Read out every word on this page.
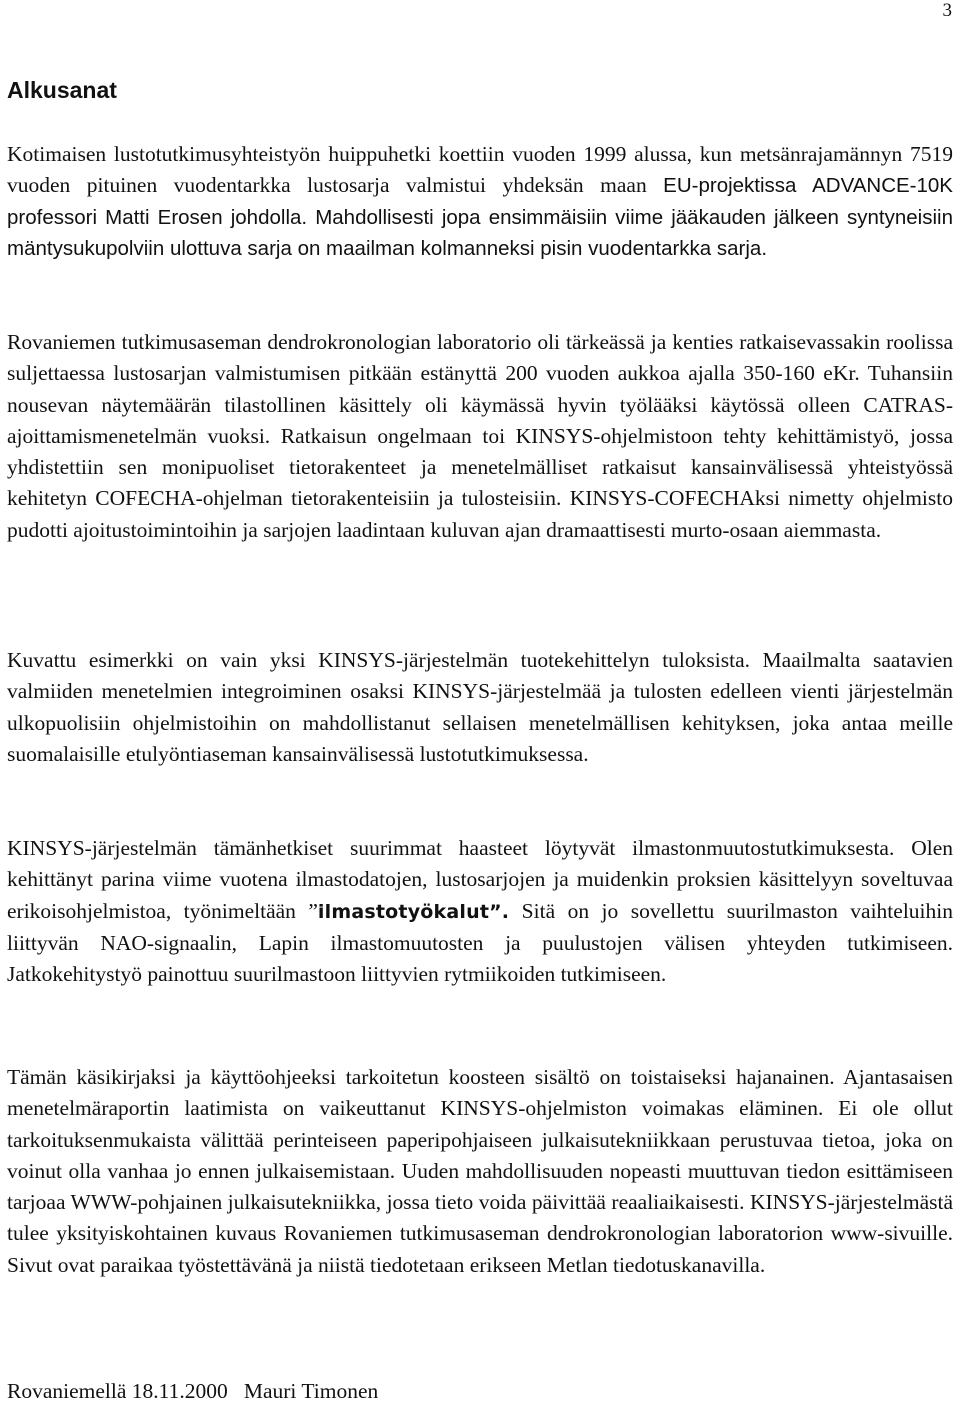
3
Alkusanat

Kotimaisen lustotutkimusyhteistyön huippuhetki koettiin vuoden 1999 alussa, kun metsänrajamännyn 7519 vuoden pituinen vuodentarkka lustosarja valmistui yhdeksän maan EU-projektissa ADVANCE-10K professori Matti Erosen johdolla. Mahdollisesti jopa ensimmäisiin viime jääkauden jälkeen syntyneisiin mäntysukupolviin ulottuva sarja on maailman kolmanneksi pisin vuodentarkka sarja.

Rovaniemen tutkimusaseman dendrokronologian laboratorio oli tärkeässä ja kenties ratkaisevassakin roolissa suljettaessa lustosarjan valmistumisen pitkään estänyttä 200 vuoden aukkoa ajalla 350-160 eKr. Tuhansiin nousevan näytemäärän tilastollinen käsittely oli käymässä hyvin työlääksi käytössä olleen CATRAS-ajoittamismenetelmän vuoksi. Ratkaisun ongelmaan toi KINSYS-ohjelmistoon tehty kehittämistyö, jossa yhdistettiin sen monipuoliset tietorakenteet ja menetelmälliset ratkaisut kansainvälisessä yhteistyössä kehitetyn COFECHA-ohjelman tietorakenteisiin ja tulosteisiin. KINSYS-COFECHAksi nimetty ohjelmisto pudotti ajoitustoimintoihin ja sarjojen laadintaan kuluvan ajan dramaattisesti murto-osaan aiemmasta.

Kuvattu esimerkki on vain yksi KINSYS-järjestelmän tuotekehittelyn tuloksista. Maailmalta saatavien valmiiden menetelmien integroiminen osaksi KINSYS-järjestelmää ja tulosten edelleen vienti järjestelmän ulkopuolisiin ohjelmistoihin on mahdollistanut sellaisen menetelmällisen kehityksen, joka antaa meille suomalaisille etulyöntiaseman kansainvälisessä lustotutkimuksessa.

KINSYS-järjestelmän tämänhetkiset suurimmat haasteet löytyvät ilmastonmuutostutkimuksesta. Olen kehittänyt parina viime vuotena ilmastodatojen, lustosarjojen ja muidenkin proksien käsittelyyn soveltuvaa erikoisohjelmistoa, työnimeltään ”ilmastotyökalut”. Sitä on jo sovellettu suurilmaston vaihteluihin liittyvän NAO-signaalin, Lapin ilmastomuutosten ja puulustojen välisen yhteyden tutkimiseen. Jatkokehitystyö painottuu suurilmastoon liittyvien rytmiikoiden tutkimiseen.

Tämän käsikirjaksi ja käyttöohjeeksi tarkoitetun koosteen sisältö on toistaiseksi hajanainen. Ajantasaisen menetelmäraportin laatimista on vaikeuttanut KINSYS-ohjelmiston voimakas eläminen. Ei ole ollut tarkoituksenmukaista välittää perinteiseen paperipohjaiseen julkaisutekniikkaan perustuvaa tietoa, joka on voinut olla vanhaa jo ennen julkaisemistaan. Uuden mahdollisuuden nopeasti muuttuvan tiedon esittämiseen tarjoaa WWW-pohjainen julkaisutekniikka, jossa tieto voida päivittää reaaliaikaisesti. KINSYS-järjestelmästä tulee yksityiskohtainen kuvaus Rovaniemen tutkimusaseman dendrokronologian laboratorion www-sivuille. Sivut ovat paraikaa työstettävänä ja niistä tiedotetaan erikseen Metlan tiedotuskanavilla.

Rovaniemellä 18.11.2000 Mauri Timonen
